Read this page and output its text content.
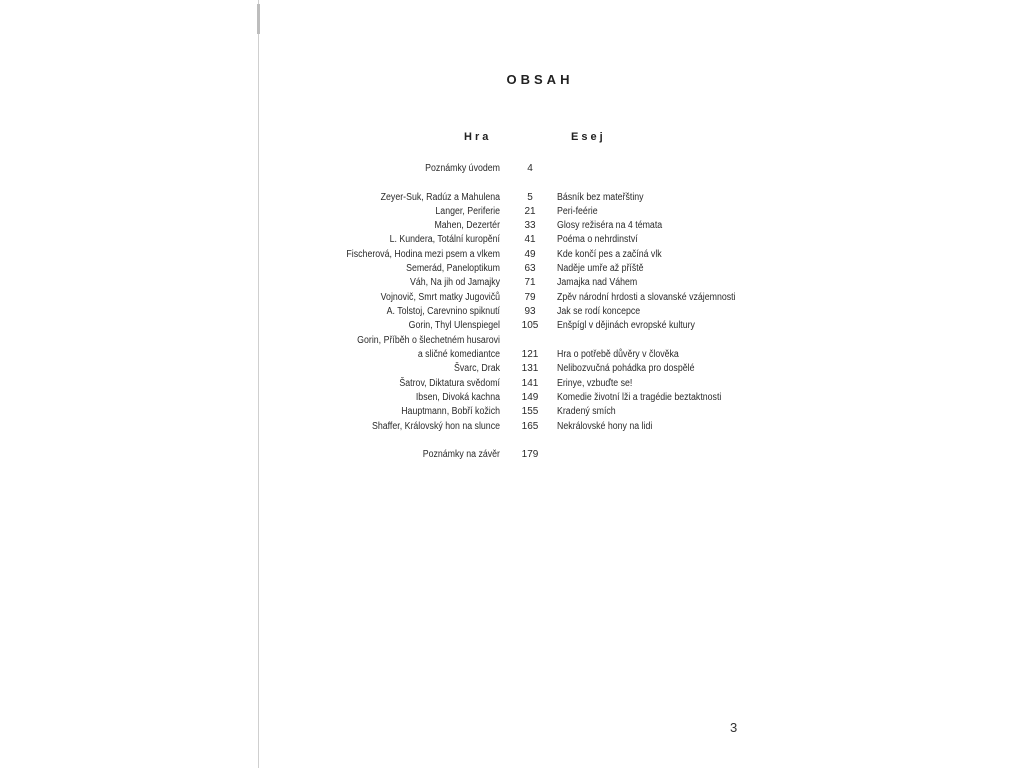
OBSAH
Hra	Esej
Poznámky úvodem	4
Zeyer-Suk, Radúz a Mahulena	5	Básník bez mateřštiny
Langer, Periferie	21	Peri-feérie
Mahen, Dezertér	33	Glosy režiséra na 4 témata
L. Kundera, Totální kuropění	41	Poéma o nehrdinství
Fischerová, Hodina mezi psem a vlkem	49	Kde končí pes a začíná vlk
Semerád, Paneloptikum	63	Naděje umře až příště
Váh, Na jih od Jamajky	71	Jamajka nad Váhem
Vojnovič, Smrt matky Jugovičů	79	Zpěv národní hrdosti a slovanské vzájemnosti
A. Tolstoj, Carevnino spiknutí	93	Jak se rodí koncepce
Gorin, Thyl Ulenspiegel	105	Enšpígl v dějinách evropské kultury
Gorin, Příběh o šlechetném husarovi
a sličné komediantce	121	Hra o potřebě důvěry v člověka
Švarc, Drak	131	Nelibozvučná pohádka pro dospělé
Šatrov, Diktatura svědomí	141	Erinye, vzbuďte se!
Ibsen, Divoká kachna	149	Komedie životní lži a tragédie beztaktnosti
Hauptmann, Bobří kožich	155	Kradený smích
Shaffer, Královský hon na slunce	165	Nekrálovské hony na lidi
Poznámky na závěr	179
3
